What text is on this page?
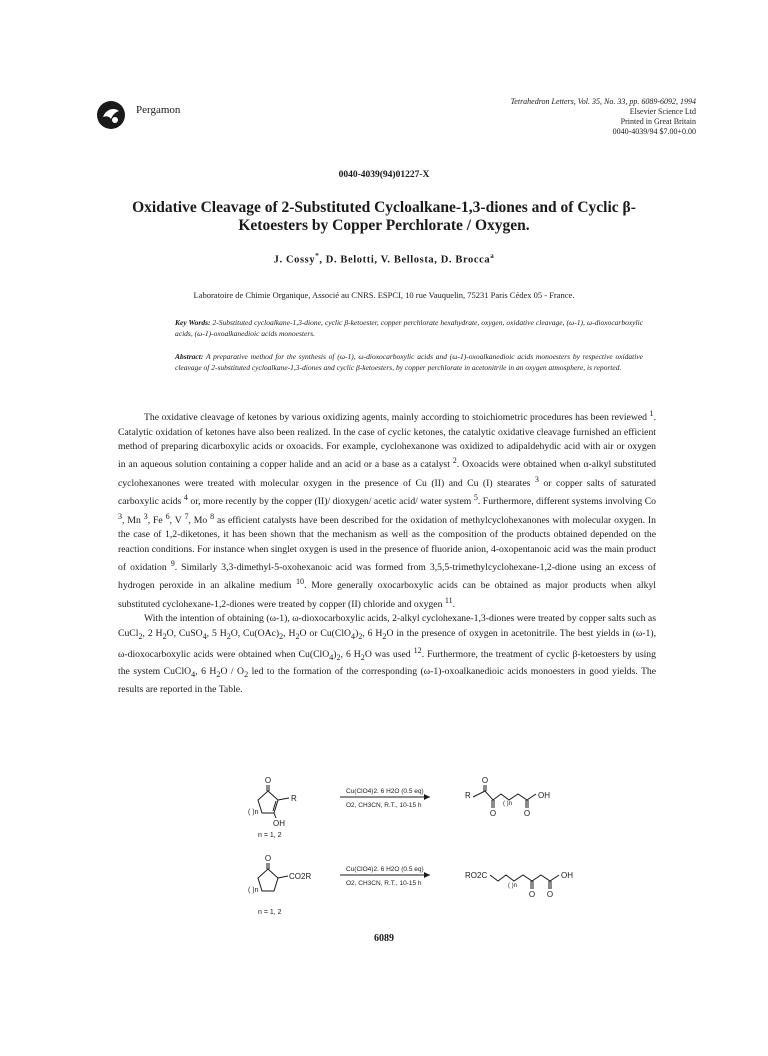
Pergamon
Tetrahedron Letters, Vol. 35, No. 33, pp. 6089-6092, 1994
Elsevier Science Ltd
Printed in Great Britain
0040-4039/94 $7.00+0.00
0040-4039(94)01227-X
Oxidative Cleavage of 2-Substituted Cycloalkane-1,3-diones and of Cyclic β-Ketoesters by Copper Perchlorate / Oxygen.
J. Cossy*, D. Belotti, V. Bellosta, D. Brocca$^a$
Laboratoire de Chimie Organique, Associé au CNRS. ESPCI, 10 rue Vauquelin, 75231 Paris Cédex 05 - France.
Key Words: 2-Substituted cycloalkane-1,3-dione, cyclic β-ketoester, copper perchlorate hexahydrate, oxygen, oxidative cleavage, (ω-1), ω-dioxocarboxylic acids, (ω-1)-oxoalkanedioic acids monoesters.
Abstract: A preparative method for the synthesis of (ω-1), ω-dioxocarboxylic acids and (ω-1)-oxoalkanedioic acids monoesters by respective oxidative cleavage of 2-substituted cycloalkane-1,3-diones and cyclic β-ketoesters, by copper perchlorate in acetonitrile in an oxygen atmosphere, is reported.

The oxidative cleavage of ketones by various oxidizing agents, mainly according to stoichiometric procedures has been reviewed $^1$. Catalytic oxidation of ketones have also been realized. In the case of cyclic ketones, the catalytic oxidative cleavage furnished an efficient method of preparing dicarboxylic acids or oxoacids. For example, cyclohexanone was oxidized to adipaldehydic acid with air or oxygen in an aqueous solution containing a copper halide and an acid or a base as a catalyst $^2$. Oxoacids were obtained when α-alkyl substituted cyclohexanones were treated with molecular oxygen in the presence of Cu (II) and Cu (I) stearates $^3$ or copper salts of saturated carboxylic acids $^4$ or, more recently by the copper (II)/ dioxygen/ acetic acid/ water system $^5$. Furthermore, different systems involving Co $^3$, Mn $^3$, Fe $^6$, V $^7$, Mo $^8$ as efficient catalysts have been described for the oxidation of methylcyclohexanones with molecular oxygen. In the case of 1,2-diketones, it has been shown that the mechanism as well as the composition of the products obtained depended on the reaction conditions. For instance when singlet oxygen is used in the presence of fluoride anion, 4-oxopentanoic acid was the main product of oxidation $^9$. Similarly 3,3-dimethyl-5-oxohexanoic acid was formed from 3,5,5-trimethylcyclohexane-1,2-dione using an excess of hydrogen peroxide in an alkaline medium $^{10}$. More generally oxocarboxylic acids can be obtained as major products when alkyl substituted cyclohexane-1,2-diones were treated by copper (II) chloride and oxygen $^{11}$.

With the intention of obtaining (ω-1), ω-dioxocarboxylic acids, 2-alkyl cyclohexane-1,3-diones were treated by copper salts such as CuCl$_2$, 2 $H_2O$, CuSO$_4$, 5 $H_2O$, $Cu(OAc)_2$, $H_2O$ or $Cu(ClO_4)_2$, 6 $H_2O$ in the presence of oxygen in acetonitrile. The best yields in (ω-1), ω-dioxocarboxylic acids were obtained when $Cu(ClO_4)_2$, 6 $H_2O$ was used $^{12}$. Furthermore, the treatment of cyclic β-ketoesters by using the system CuClO$_4$, 6 $H_2O / O_2$ led to the formation of the corresponding (ω-1)-oxoalkanedioic acids monoesters in good yields. The results are reported in the Table.

O
R
OH
( )n
n = 1, 2
Cu(ClO4)2. 6 H2O (0.5 eq)
O2, CH3CN, R.T., 10-15 h
R
O
( )n
O	O
OH
O
CO2R
( )n
n = 1, 2
Cu(ClO4)2. 6 H2O (0.5 eq)
O2, CH3CN, R.T., 10-15 h
RO2C
( )n
O O
OH
6089
